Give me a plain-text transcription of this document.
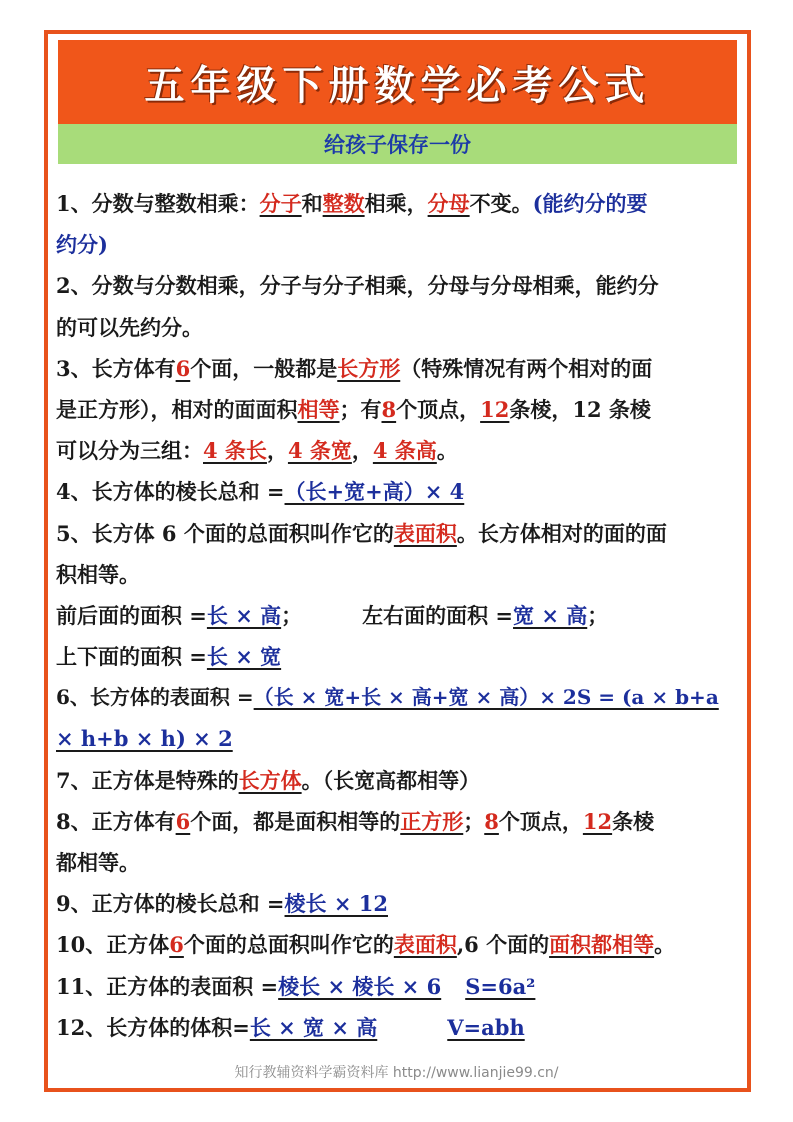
五年级下册数学必考公式
给孩子保存一份
1、分数与整数相乘：分子和整数相乘，分母不变。(能约分的要
约分)
2、分数与分数相乘，分子与分子相乘，分母与分母相乘，能约分
的可以先约分。
3、长方体有6个面，一般都是长方形（特殊情况有两个相对的面
是正方形），相对的面面积相等；有8个顶点，12条棱，12 条棱
可以分为三组：4 条长，4 条宽，4 条高。
4、长方体的棱长总和 =（长+宽+高）× 4
5、长方体 6 个面的总面积叫作它的表面积。长方体相对的面的面
积相等。
前后面的面积 =长 × 高；	左右面的面积 =宽 × 高；
上下面的面积 =长 × 宽
6、长方体的表面积 =（长 × 宽+长 × 高+宽 × 高）× 2S = (a × b+a
× h+b × h) × 2
7、正方体是特殊的长方体。（长宽高都相等）
8、正方体有6个面，都是面积相等的正方形；8个顶点，12条棱
都相等。
9、正方体的棱长总和 =棱长 × 12
10、正方体6个面的总面积叫作它的表面积,6 个面的面积都相等。
11、正方体的表面积 =棱长 × 棱长 × 6 S=6a²
12、长方体的体积=长 × 宽 × 高	V=abh
知行教辅资料学霸资料库 http://www.lianjie99.cn/
